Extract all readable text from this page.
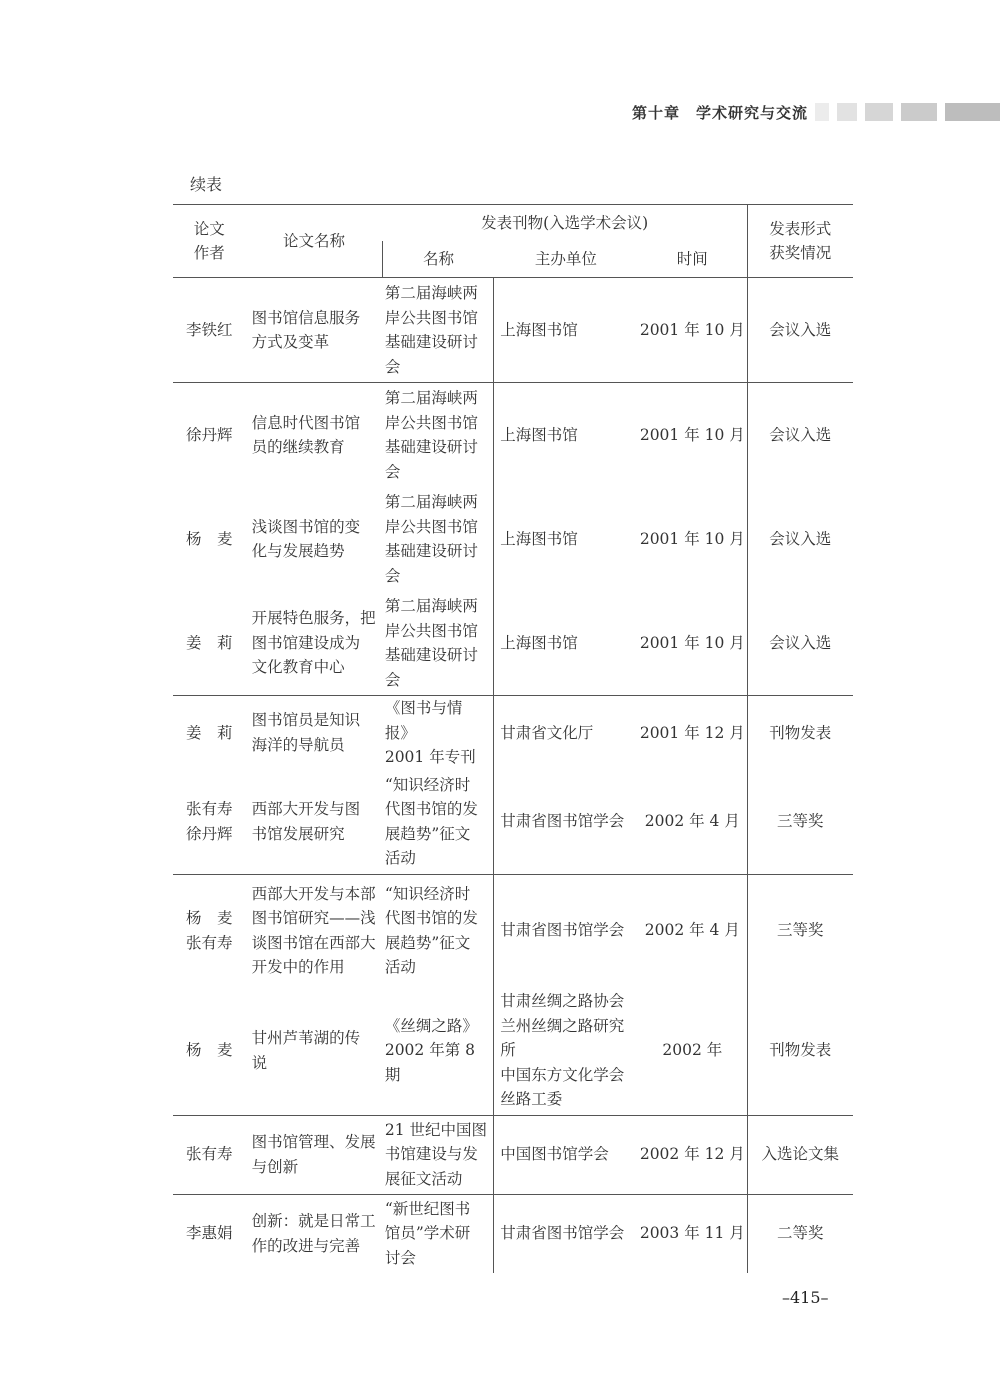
第十章　学术研究与交流
续表
论文
作者	论文名称	发表刊物(入选学术会议)			发表形式
获奖情况

		名称	主办单位	时间	

李铁红	图书馆信息服务
方式及变革	第二届海峡两
岸公共图书馆
基础建设研讨
会	上海图书馆	2001 年 10 月	会议入选

徐丹辉	信息时代图书馆
员的继续教育	第二届海峡两
岸公共图书馆
基础建设研讨
会	上海图书馆	2001 年 10 月	会议入选

杨　麦	浅谈图书馆的变
化与发展趋势	第二届海峡两
岸公共图书馆
基础建设研讨
会	上海图书馆	2001 年 10 月	会议入选

姜　莉	开展特色服务，把
图书馆建设成为
文化教育中心	第二届海峡两
岸公共图书馆
基础建设研讨
会	上海图书馆	2001 年 10 月	会议入选

姜　莉	图书馆员是知识
海洋的导航员	《图书与情报》
2001 年专刊	甘肃省文化厅	2001 年 12 月	刊物发表

张有寿
徐丹辉	西部大开发与图
书馆发展研究	“知识经济时
代图书馆的发
展趋势”征文
活动	甘肃省图书馆学会	2002 年 4 月	三等奖

杨　麦
张有寿	西部大开发与本部
图书馆研究——浅
谈图书馆在西部大
开发中的作用	“知识经济时
代图书馆的发
展趋势”征文
活动	甘肃省图书馆学会	2002 年 4 月	三等奖

杨　麦	甘州芦苇湖的传
说	《丝绸之路》
2002 年第 8 期	甘肃丝绸之路协会
兰州丝绸之路研究
所
中国东方文化学会
丝路工委	2002 年	刊物发表

张有寿	图书馆管理、发展
与创新	21 世纪中国图
书馆建设与发
展征文活动	中国图书馆学会	2002 年 12 月	入选论文集

李惠娟	创新：就是日常工
作的改进与完善	“新世纪图书
馆员”学术研
讨会	甘肃省图书馆学会	2003 年 11 月	二等奖
–415–
